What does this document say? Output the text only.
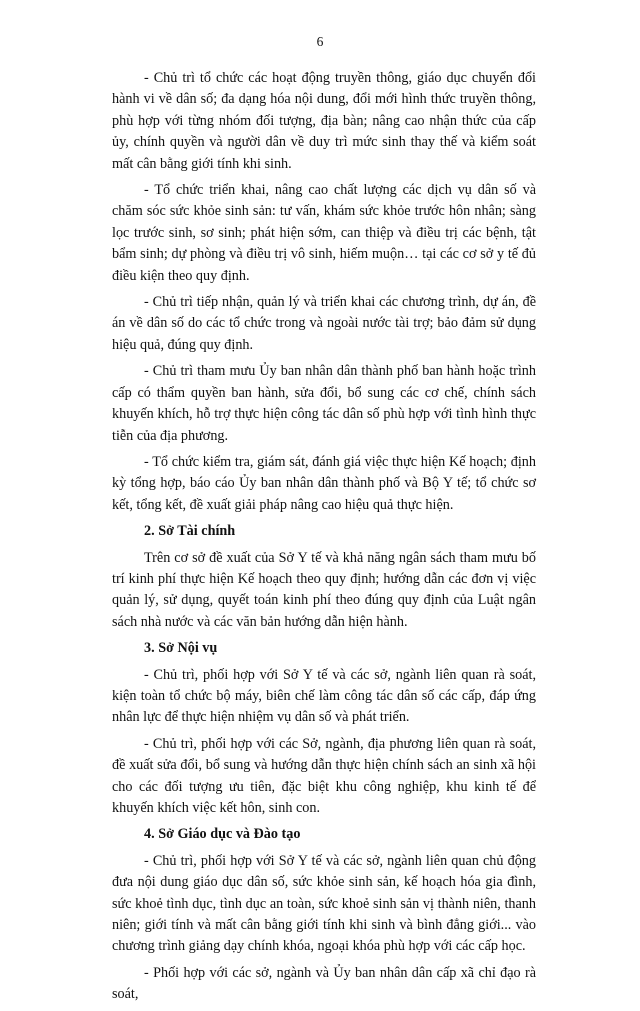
6

- Chủ trì tổ chức các hoạt động truyền thông, giáo dục chuyển đổi hành vi về dân số; đa dạng hóa nội dung, đổi mới hình thức truyền thông, phù hợp với từng nhóm đối tượng, địa bàn; nâng cao nhận thức của cấp ủy, chính quyền và người dân về duy trì mức sinh thay thế và kiểm soát mất cân bằng giới tính khi sinh.

- Tổ chức triển khai, nâng cao chất lượng các dịch vụ dân số và chăm sóc sức khỏe sinh sản: tư vấn, khám sức khỏe trước hôn nhân; sàng lọc trước sinh, sơ sinh; phát hiện sớm, can thiệp và điều trị các bệnh, tật bẩm sinh; dự phòng và điều trị vô sinh, hiếm muộn… tại các cơ sở y tế đủ điều kiện theo quy định.

- Chủ trì tiếp nhận, quản lý và triển khai các chương trình, dự án, đề án về dân số do các tổ chức trong và ngoài nước tài trợ; bảo đảm sử dụng hiệu quả, đúng quy định.

- Chủ trì tham mưu Ủy ban nhân dân thành phố ban hành hoặc trình cấp có thẩm quyền ban hành, sửa đổi, bổ sung các cơ chế, chính sách khuyến khích, hỗ trợ thực hiện công tác dân số phù hợp với tình hình thực tiễn của địa phương.

- Tổ chức kiểm tra, giám sát, đánh giá việc thực hiện Kế hoạch; định kỳ tổng hợp, báo cáo Ủy ban nhân dân thành phố và Bộ Y tế; tổ chức sơ kết, tổng kết, đề xuất giải pháp nâng cao hiệu quả thực hiện.

2. Sở Tài chính

Trên cơ sở đề xuất của Sở Y tế và khả năng ngân sách tham mưu bố trí kinh phí thực hiện Kế hoạch theo quy định; hướng dẫn các đơn vị việc quản lý, sử dụng, quyết toán kinh phí theo đúng quy định của Luật ngân sách nhà nước và các văn bản hướng dẫn hiện hành.

3. Sở Nội vụ

- Chủ trì, phối hợp với Sở Y tế và các sở, ngành liên quan rà soát, kiện toàn tổ chức bộ máy, biên chế làm công tác dân số các cấp, đáp ứng nhân lực để thực hiện nhiệm vụ dân số và phát triển.

- Chủ trì, phối hợp với các Sở, ngành, địa phương liên quan rà soát, đề xuất sửa đổi, bổ sung và hướng dẫn thực hiện chính sách an sinh xã hội cho các đối tượng ưu tiên, đặc biệt khu công nghiệp, khu kinh tế để khuyến khích việc kết hôn, sinh con.

4. Sở Giáo dục và Đào tạo

- Chủ trì, phối hợp với Sở Y tế và các sở, ngành liên quan chủ động đưa nội dung giáo dục dân số, sức khỏe sinh sản, kế hoạch hóa gia đình, sức khoẻ tình dục, tình dục an toàn, sức khoẻ sinh sản vị thành niên, thanh niên; giới tính và mất cân bằng giới tính khi sinh và bình đẳng giới... vào chương trình giảng dạy chính khóa, ngoại khóa phù hợp với các cấp học.

- Phối hợp với các sở, ngành và Ủy ban nhân dân cấp xã chỉ đạo rà soát,
